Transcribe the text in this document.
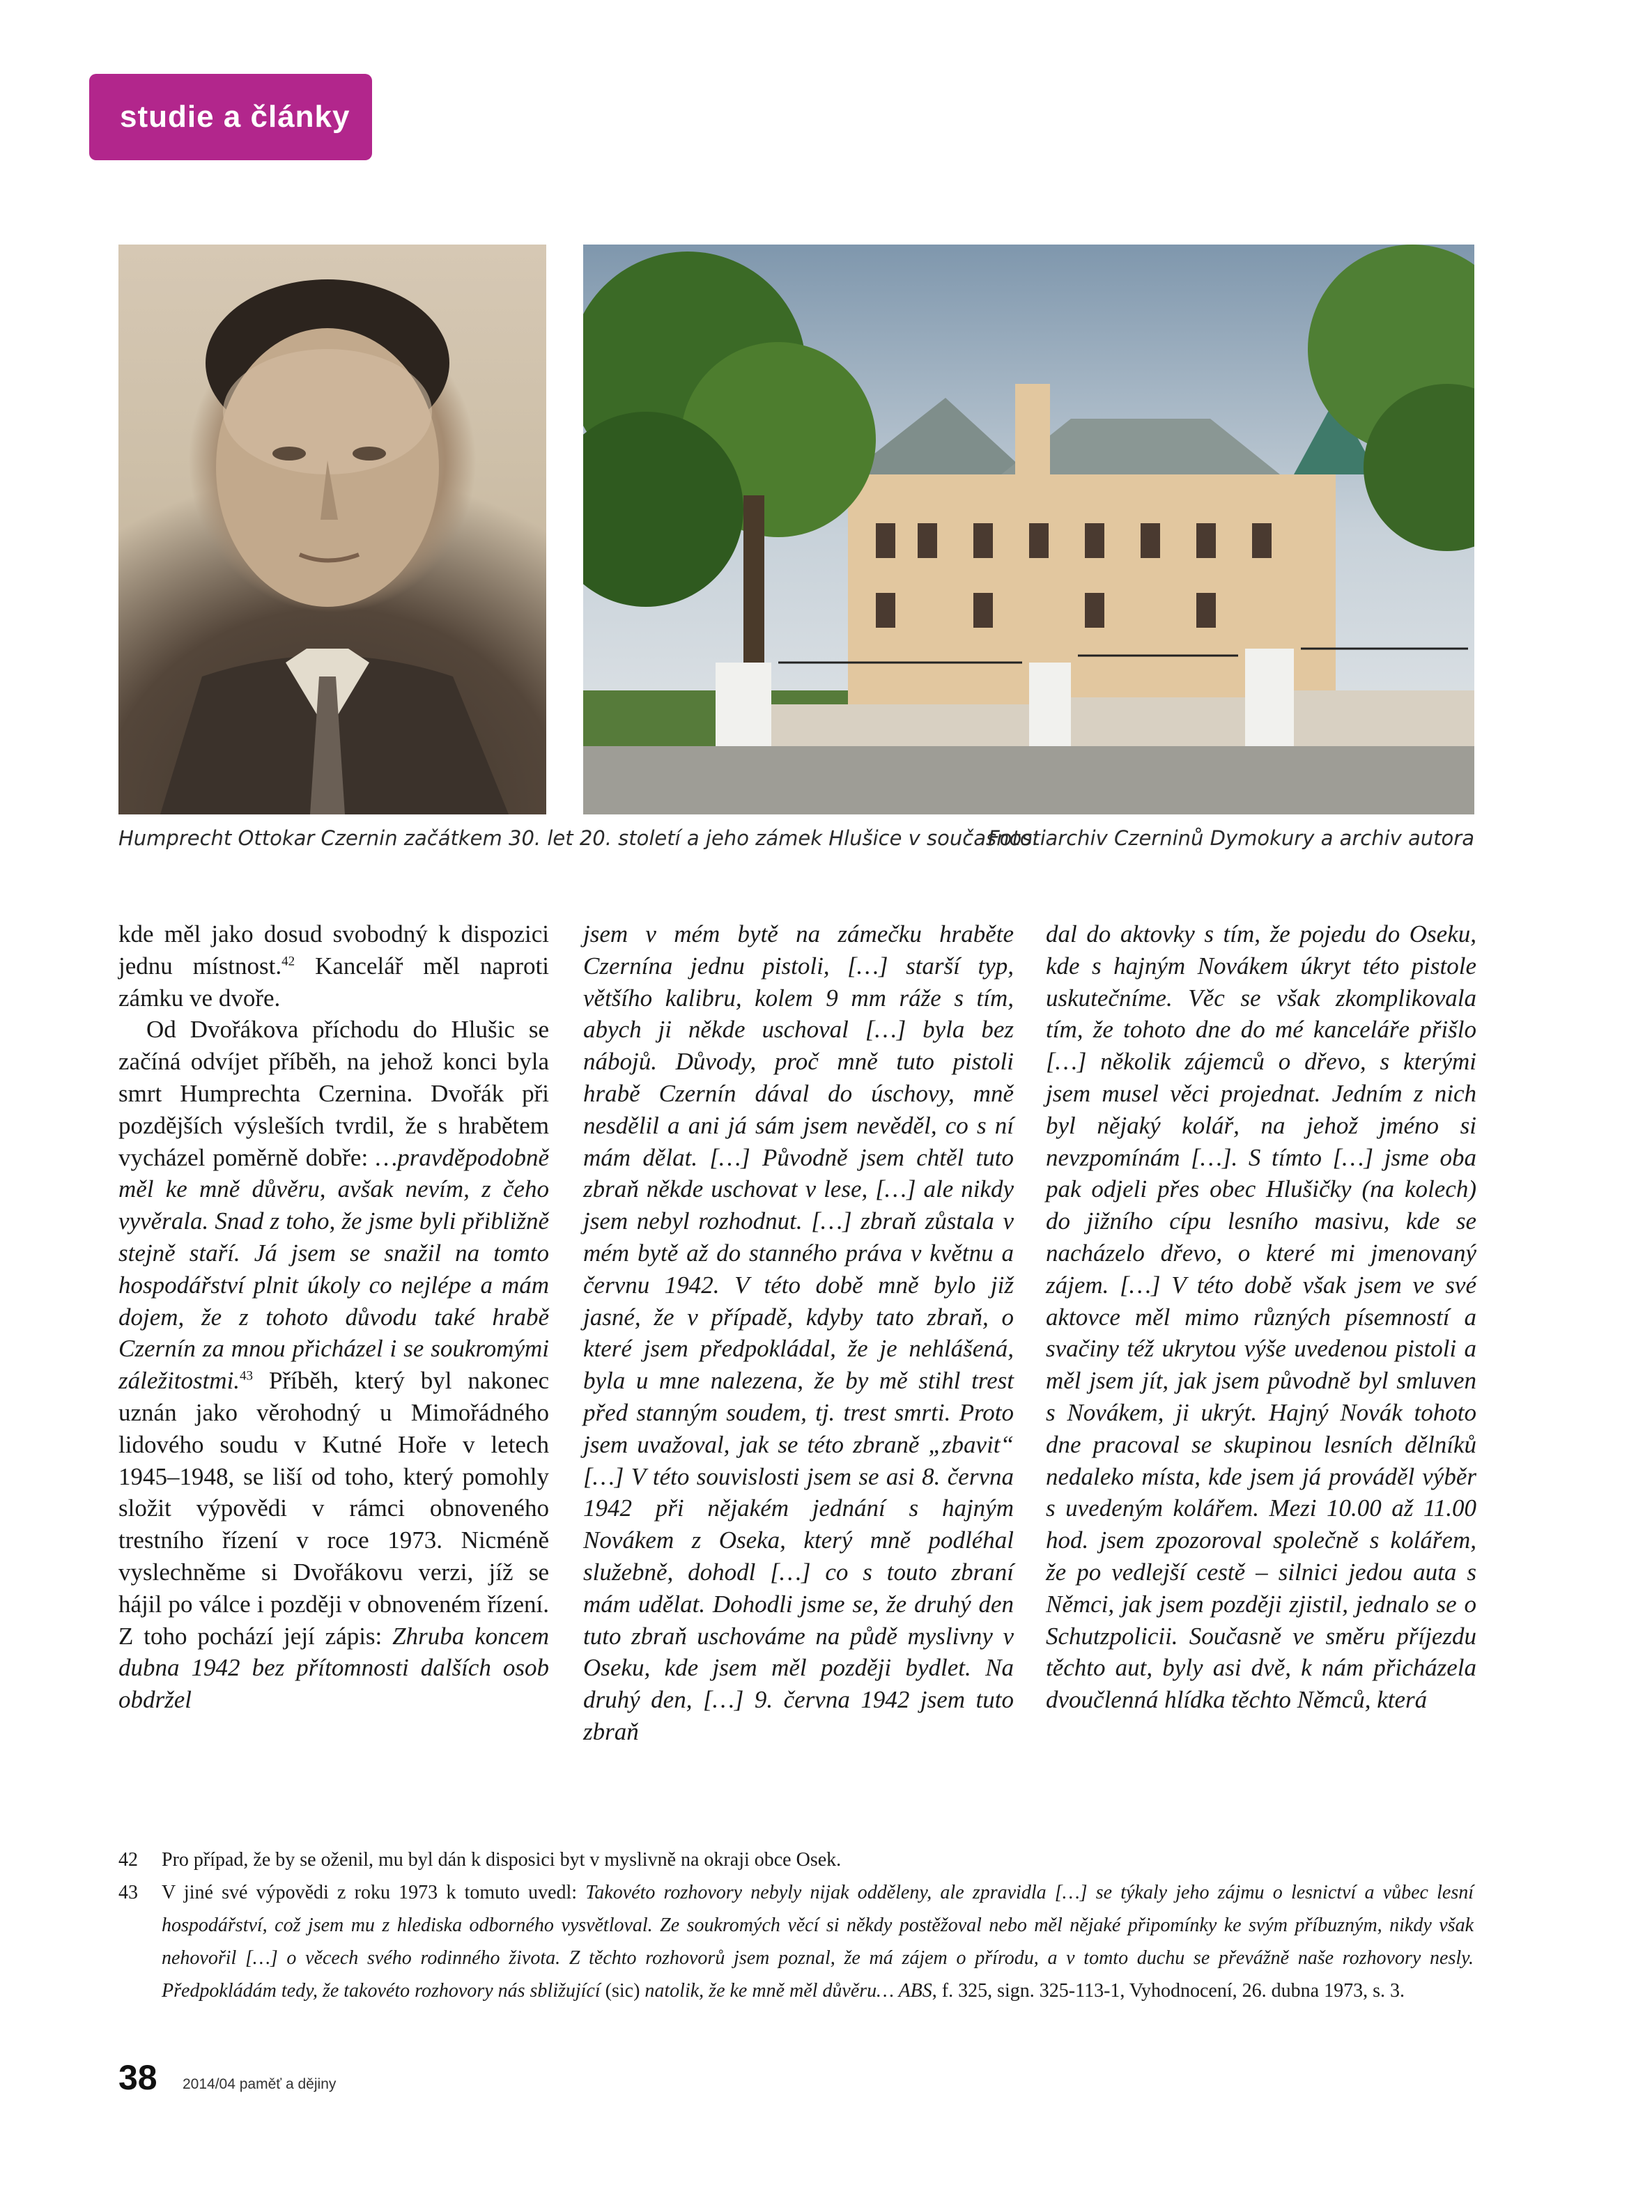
studie a články
Humprecht Ottokar Czernin začátkem 30. let 20. století a jeho zámek Hlušice v současnosti
Foto: archiv Czerninů Dymokury a archiv autora

kde měl jako dosud svobodný k dispozici jednu místnost.$^{42}$ Kancelář měl naproti zámku ve dvoře.

Od Dvořákova příchodu do Hlušic se začíná odvíjet příběh, na jehož konci byla smrt Humprechta Czernina. Dvořák při pozdějších výsleších tvrdil, že s hrabětem vycházel poměrně dobře: …pravděpodobně měl ke mně důvěru, avšak nevím, z čeho vyvěrala. Snad z toho, že jsme byli přibližně stejně staří. Já jsem se snažil na tomto hospodářství plnit úkoly co nejlépe a mám dojem, že z tohoto důvodu také hrabě Czernín za mnou přicházel i se soukromými záležitostmi.$^{43}$ Příběh, který byl nakonec uznán jako věrohodný u Mimořádného lidového soudu v Kutné Hoře v letech 1945–1948, se liší od toho, který pomohly složit výpovědi v rámci obnoveného trestního řízení v roce 1973. Nicméně vyslechněme si Dvořákovu verzi, jíž se hájil po válce i později v obnoveném řízení. Z toho pochází její zápis: Zhruba koncem dubna 1942 bez přítomnosti dalších osob obdržel

jsem v mém bytě na zámečku hraběte Czernína jednu pistoli, […] starší typ, většího kalibru, kolem 9 mm ráže s tím, abych ji někde uschoval […] byla bez nábojů. Důvody, proč mně tuto pistoli hrabě Czernín dával do úschovy, mně nesdělil a ani já sám jsem nevěděl, co s ní mám dělat. […] Původně jsem chtěl tuto zbraň někde uschovat v lese, […] ale nikdy jsem nebyl rozhodnut. […] zbraň zůstala v mém bytě až do stanného práva v květnu a červnu 1942. V této době mně bylo již jasné, že v případě, kdyby tato zbraň, o které jsem předpokládal, že je nehlášená, byla u mne nalezena, že by mě stihl trest před stanným soudem, tj. trest smrti. Proto jsem uvažoval, jak se této zbraně „zbavit“ […] V této souvislosti jsem se asi 8. června 1942 při nějakém jednání s hajným Novákem z Oseka, který mně podléhal služebně, dohodl […] co s touto zbraní mám udělat. Dohodli jsme se, že druhý den tuto zbraň uschováme na půdě myslivny v Oseku, kde jsem měl později bydlet. Na druhý den, […] 9. června 1942 jsem tuto zbraň

dal do aktovky s tím, že pojedu do Oseku, kde s hajným Novákem úkryt této pistole uskutečníme. Věc se však zkomplikovala tím, že tohoto dne do mé kanceláře přišlo […] několik zájemců o dřevo, s kterými jsem musel věci projednat. Jedním z nich byl nějaký kolář, na jehož jméno si nevzpomínám […]. S tímto […] jsme oba pak odjeli přes obec Hlušičky (na kolech) do jižního cípu lesního masivu, kde se nacházelo dřevo, o které mi jmenovaný zájem. […] V této době však jsem ve své aktovce měl mimo různých písemností a svačiny též ukrytou výše uvedenou pistoli a měl jsem jít, jak jsem původně byl smluven s Novákem, ji ukrýt. Hajný Novák tohoto dne pracoval se skupinou lesních dělníků nedaleko místa, kde jsem já prováděl výběr s uvedeným kolářem. Mezi 10.00 až 11.00 hod. jsem zpozoroval společně s kolářem, že po vedlejší cestě – silnici jedou auta s Němci, jak jsem později zjistil, jednalo se o Schutzpolicii. Současně ve směru příjezdu těchto aut, byly asi dvě, k nám přicházela dvoučlenná hlídka těchto Němců, která

42 Pro případ, že by se oženil, mu byl dán k disposici byt v myslivně na okraji obce Osek.
43 V jiné své výpovědi z roku 1973 k tomuto uvedl: Takovéto rozhovory nebyly nijak odděleny, ale zpravidla […] se týkaly jeho zájmu o lesnictví a vůbec lesní hospodářství, což jsem mu z hlediska odborného vysvětloval. Ze soukromých věcí si někdy postěžoval nebo měl nějaké připomínky ke svým příbuzným, nikdy však nehovořil […] o věcech svého rodinného života. Z těchto rozhovorů jsem poznal, že má zájem o přírodu, a v tomto duchu se převážně naše rozhovory nesly. Předpokládám tedy, že takovéto rozhovory nás sbližující (sic) natolik, že ke mně měl důvěru… ABS, f. 325, sign. 325-113-1, Vyhodnocení, 26. dubna 1973, s. 3.
38 2014/04 paměť a dějiny
